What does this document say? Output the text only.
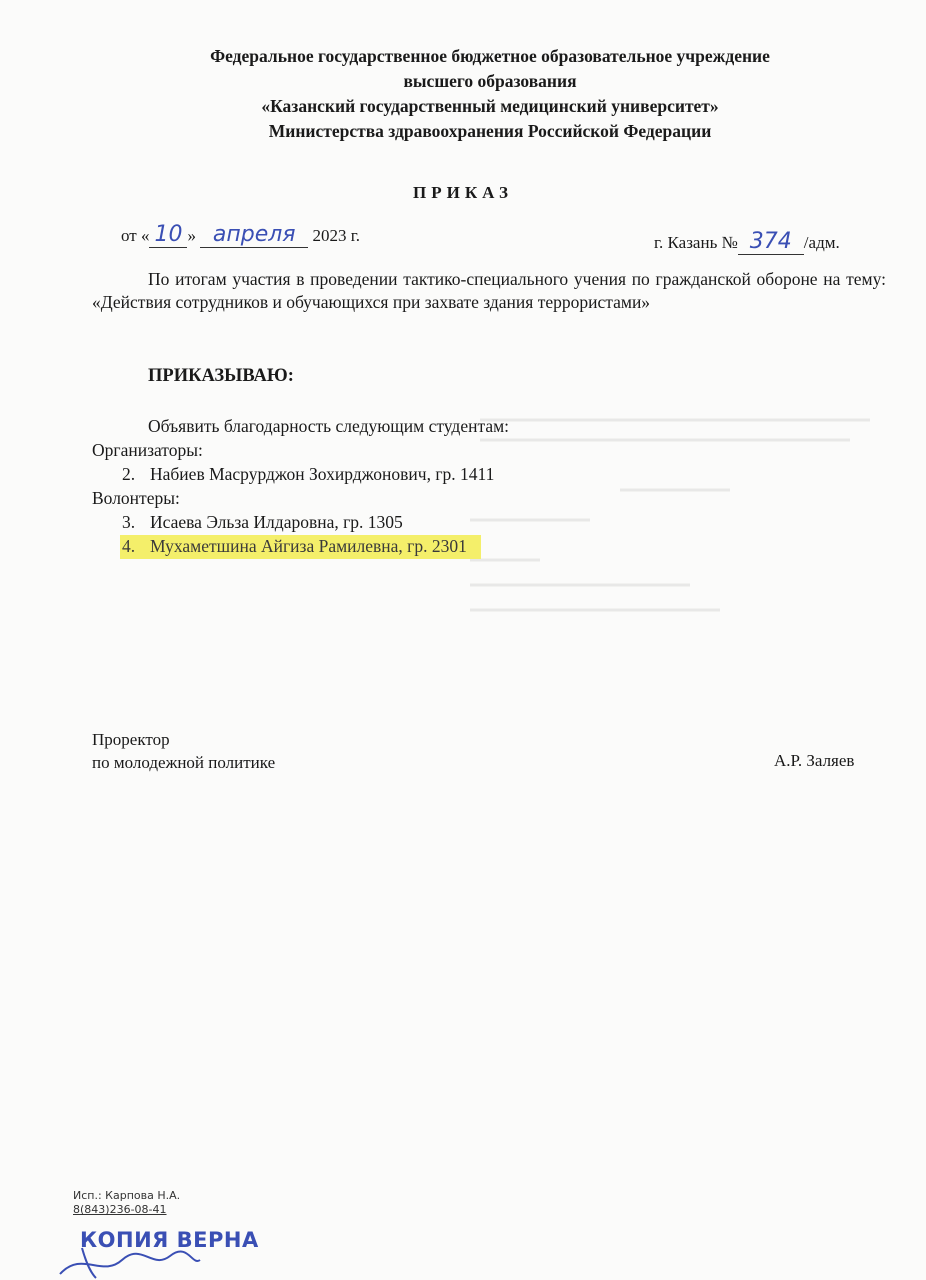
Федеральное государственное бюджетное образовательное учреждение
высшего образования
«Казанский государственный медицинский университет»
Министерства здравоохранения Российской Федерации
ПРИКАЗ
от « 10 » апреля 2023 г.	г. Казань № 374 /адм.
По итогам участия в проведении тактико-специального учения по гражданской обороне на тему: «Действия сотрудников и обучающихся при захвате здания террористами»
ПРИКАЗЫВАЮ:
Объявить благодарность следующим студентам:
Организаторы:
2. Набиев Масрурджон Зохирджонович, гр. 1411
Волонтеры:
3. Исаева Эльза Илдаровна, гр. 1305
4. Мухаметшина Айгиза Рамилевна, гр. 2301
Проректор
по молодежной политике	А.Р. Заляев
Исп.: Карпова Н.А.
8(843)236-08-41
КОПИЯ ВЕРНА
